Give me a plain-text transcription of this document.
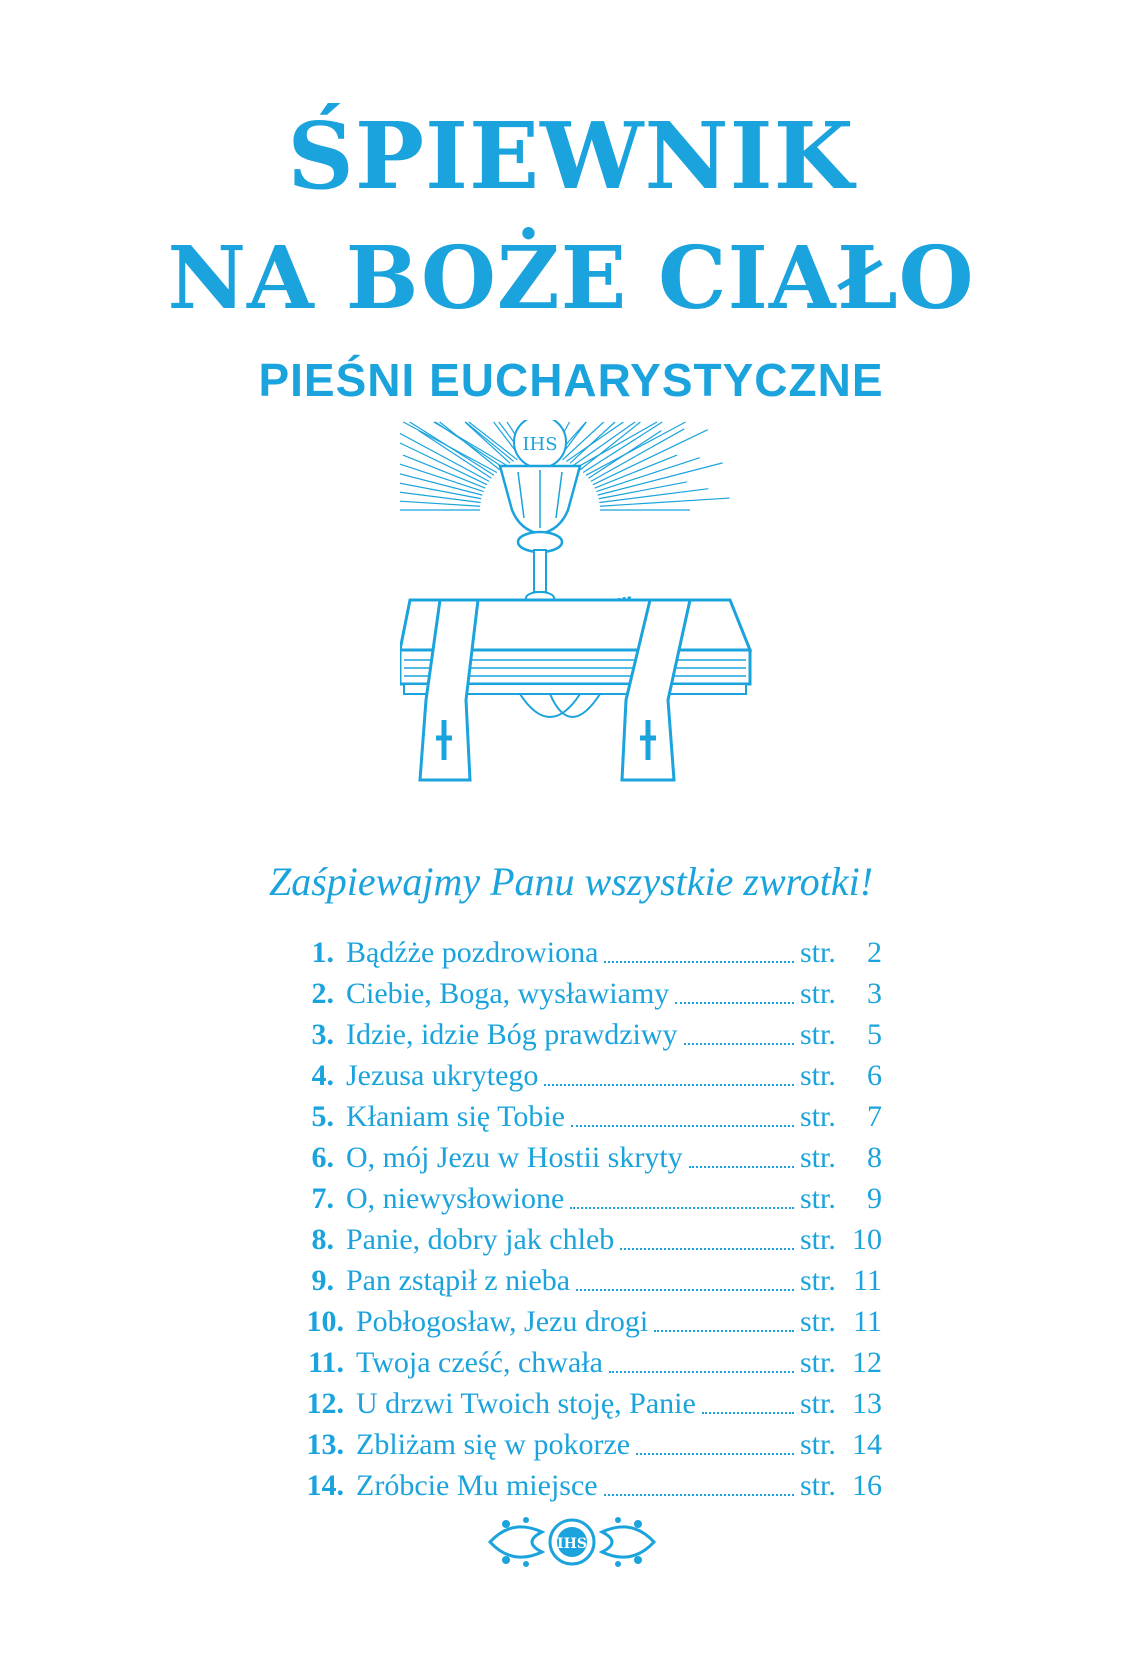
ŚPIEWNIK
NA BOŻE CIAŁO
PIEŚNI EUCHARYSTYCZNE
IHS
Zaśpiewajmy Panu wszystkie zwrotki!
1. Bądźże pozdrowiona	str.	2
2. Ciebie, Boga, wysławiamy	str.	3
3. Idzie, idzie Bóg prawdziwy	str.	5
4. Jezusa ukrytego	str.	6
5. Kłaniam się Tobie	str.	7
6. O, mój Jezu w Hostii skryty	str.	8
7. O, niewysłowione	str.	9
8. Panie, dobry jak chleb	str. 10
9. Pan zstąpił z nieba	str. 11
10. Pobłogosław, Jezu drogi	str. 11
11. Twoja cześć, chwała	str. 12
12. U drzwi Twoich stoję, Panie	str. 13
13. Zbliżam się w pokorze	str. 14
14. Zróbcie Mu miejsce	str. 16
IHS
